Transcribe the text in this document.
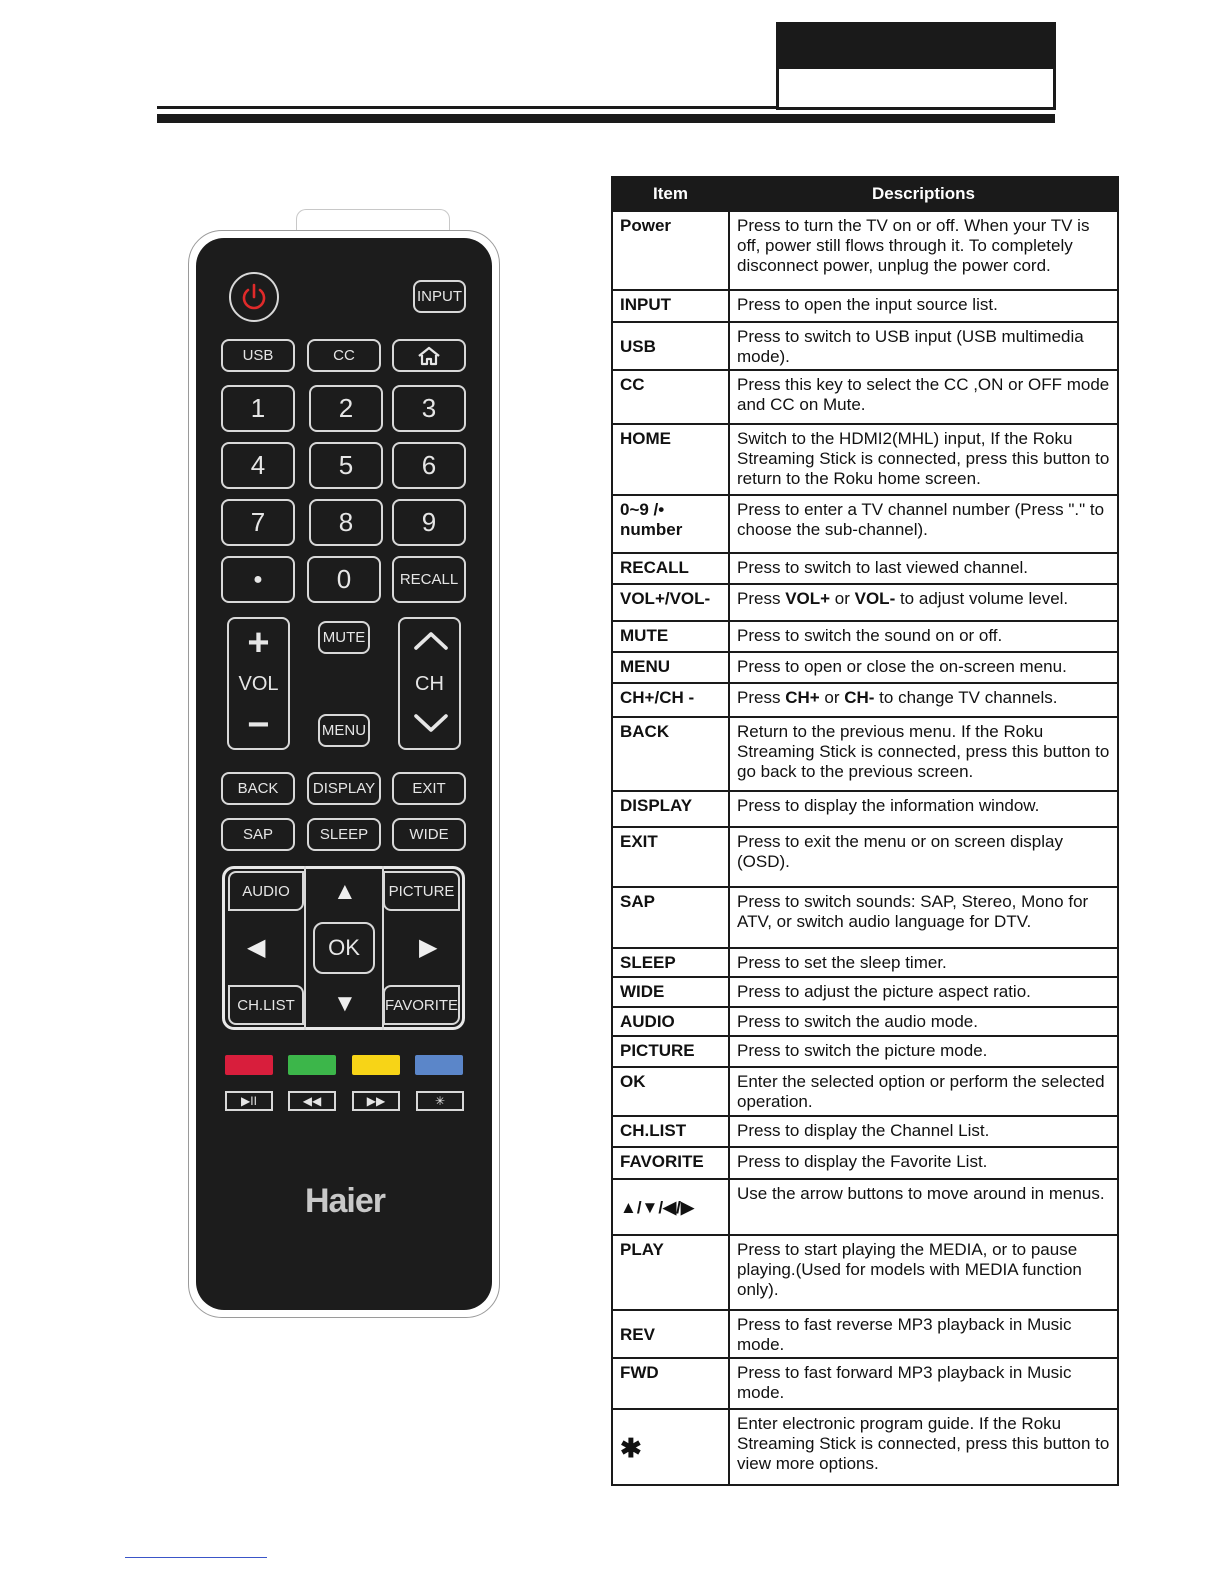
INPUT
USB	CC
1	2	3
4	5	6
7	8	9
●	0	RECALL
+
VOL
−
MUTE
MENU
CH
BACK	DISPLAY	EXIT
SAP	SLEEP	WIDE
AUDIO	PICTURE
CH.LIST	FAVORITE
▲
▼
◀	▶
OK
▶II	◀◀	▶▶	✳
Haier
Item	Descriptions
Power	Press to turn the TV on or off. When your TV is off, power still flows through it. To completely disconnect power, unplug the power cord.
INPUT	Press to open the input source list.
USB	Press to switch to USB input (USB multimedia mode).
CC	Press this key to select the CC ,ON or OFF mode and CC on Mute.
HOME	Switch to the HDMI2(MHL) input, If the Roku Streaming Stick is connected, press this button to return to the Roku home screen.
0~9 /• number	Press to enter a TV channel number (Press "." to choose the sub-channel).
RECALL	Press to switch to last viewed channel.
VOL+/VOL-	Press VOL+ or VOL- to adjust volume level.
MUTE	Press to switch the sound on or off.
MENU	Press to open or close the on-screen menu.
CH+/CH -	Press CH+ or CH- to change TV channels.
BACK	Return to the previous menu. If the Roku Streaming Stick is connected, press this button to go back to the previous screen.
DISPLAY	Press to display the information window.
EXIT	Press to exit the menu or on screen display (OSD).
SAP	Press to switch sounds: SAP, Stereo, Mono for ATV, or switch audio language for DTV.
SLEEP	Press to set the sleep timer.
WIDE	Press to adjust the picture aspect ratio.
AUDIO	Press to switch the audio mode.
PICTURE	Press to switch the picture mode.
OK	Enter the selected option or perform the selected operation.
CH.LIST	Press to display the Channel List.
FAVORITE	Press to display the Favorite List.
▲/▼/◀/▶	Use the arrow buttons to move around in menus.
PLAY	Press to start playing the MEDIA, or to pause playing.(Used for models with MEDIA function only).
REV	Press to fast reverse MP3 playback in Music mode.
FWD	Press to fast forward MP3 playback in Music mode.
✱	Enter electronic program guide. If the Roku Streaming Stick is connected, press this button to view more options.
